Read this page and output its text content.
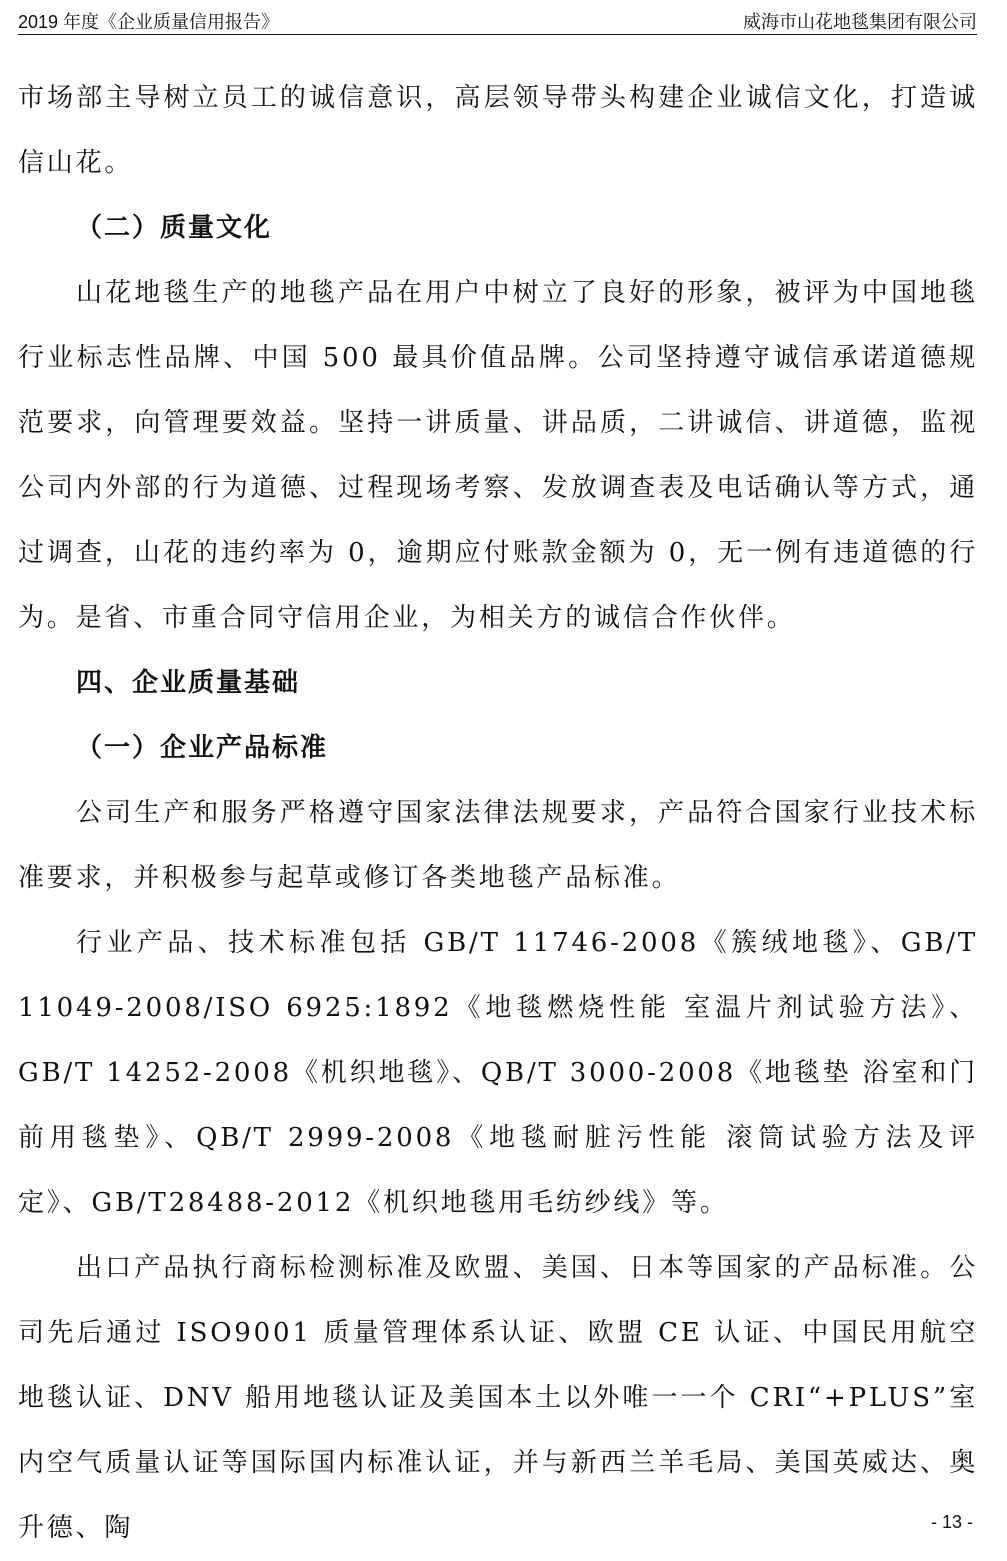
2019 年度《企业质量信用报告》	威海市山花地毯集团有限公司

市场部主导树立员工的诚信意识，高层领导带头构建企业诚信文化，打造诚信山花。

（二）质量文化

山花地毯生产的地毯产品在用户中树立了良好的形象，被评为中国地毯行业标志性品牌、中国 500 最具价值品牌。公司坚持遵守诚信承诺道德规范要求，向管理要效益。坚持一讲质量、讲品质，二讲诚信、讲道德，监视公司内外部的行为道德、过程现场考察、发放调查表及电话确认等方式，通过调查，山花的违约率为 0，逾期应付账款金额为 0，无一例有违道德的行为。是省、市重合同守信用企业，为相关方的诚信合作伙伴。

四、企业质量基础

（一）企业产品标准

公司生产和服务严格遵守国家法律法规要求，产品符合国家行业技术标准要求，并积极参与起草或修订各类地毯产品标准。

行业产品、技术标准包括 GB/T 11746-2008《簇绒地毯》、GB/T 11049-2008/ISO 6925:1892《地毯燃烧性能 室温片剂试验方法》、GB/T 14252-2008《机织地毯》、QB/T 3000-2008《地毯垫 浴室和门前用毯垫》、QB/T 2999-2008《地毯耐脏污性能 滚筒试验方法及评定》、GB/T28488-2012《机织地毯用毛纺纱线》等。

出口产品执行商标检测标准及欧盟、美国、日本等国家的产品标准。公司先后通过 ISO9001 质量管理体系认证、欧盟 CE 认证、中国民用航空地毯认证、DNV 船用地毯认证及美国本土以外唯一一个 CRI“+PLUS”室内空气质量认证等国际国内标准认证，并与新西兰羊毛局、美国英威达、奥升德、陶	- 13 -
